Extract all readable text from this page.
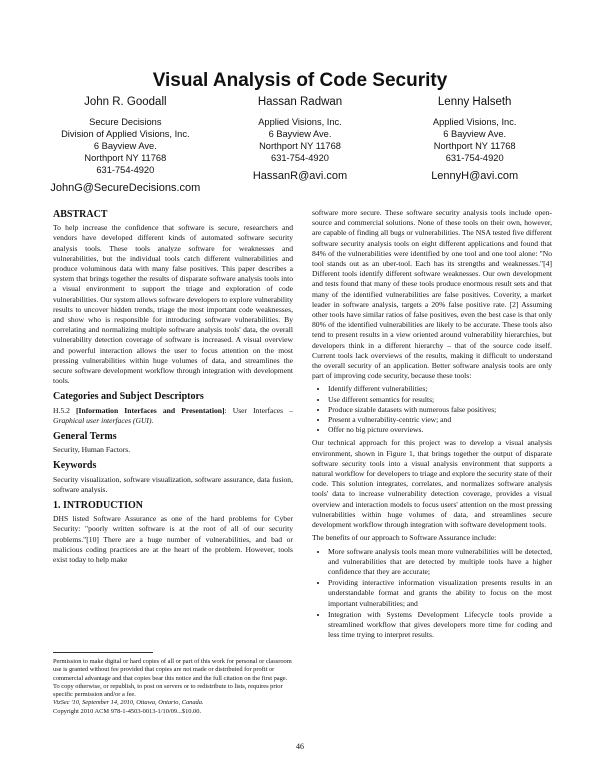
Visual Analysis of Code Security
John R. Goodall
Secure Decisions
Division of Applied Visions, Inc.
6 Bayview Ave.
Northport NY 11768
631-754-4920
JohnG@SecureDecisions.com
Hassan Radwan
Applied Visions, Inc.
6 Bayview Ave.
Northport NY 11768
631-754-4920
HassanR@avi.com
Lenny Halseth
Applied Visions, Inc.
6 Bayview Ave.
Northport NY 11768
631-754-4920
LennyH@avi.com
ABSTRACT

To help increase the confidence that software is secure, researchers and vendors have developed different kinds of automated software security analysis tools. These tools analyze software for weaknesses and vulnerabilities, but the individual tools catch different vulnerabilities and produce voluminous data with many false positives. This paper describes a system that brings together the results of disparate software analysis tools into a visual environment to support the triage and exploration of code vulnerabilities. Our system allows software developers to explore vulnerability results to uncover hidden trends, triage the most important code weaknesses, and show who is responsible for introducing software vulnerabilities. By correlating and normalizing multiple software analysis tools' data, the overall vulnerability detection coverage of software is increased. A visual overview and powerful interaction allows the user to focus attention on the most pressing vulnerabilities within huge volumes of data, and streamlines the secure software development workflow through integration with development tools.

Categories and Subject Descriptors

H.5.2 [Information Interfaces and Presentation]: User Interfaces – Graphical user interfaces (GUI).

General Terms

Security, Human Factors.

Keywords

Security visualization, software visualization, software assurance, data fusion, software analysis.

1. INTRODUCTION

DHS listed Software Assurance as one of the hard problems for Cyber Security: "poorly written software is at the root of all of our security problems."[10] There are a huge number of vulnerabilities, and bad or malicious coding practices are at the heart of the problem. However, tools exist today to help make

Permission to make digital or hard copies of all or part of this work for personal or classroom use is granted without fee provided that copies are not made or distributed for profit or commercial advantage and that copies bear this notice and the full citation on the first page. To copy otherwise, or republish, to post on servers or to redistribute to lists, requires prior specific permission and/or a fee.
VizSec '10, September 14, 2010, Ottawa, Ontario, Canada.
Copyright 2010 ACM 978-1-4503-0013-1/10/09...$10.00.

software more secure. These software security analysis tools include open-source and commercial solutions. None of these tools on their own, however, are capable of finding all bugs or vulnerabilities. The NSA tested five different software security analysis tools on eight different applications and found that 84% of the vulnerabilities were identified by one tool and one tool alone: "No tool stands out as an uber-tool. Each has its strengths and weaknesses."[4] Different tools identify different software weaknesses. Our own development and tests found that many of these tools produce enormous result sets and that many of the identified vulnerabilities are false positives. Coverity, a market leader in software analysis, targets a 20% false positive rate. [2] Assuming other tools have similar ratios of false positives, even the best case is that only 80% of the identified vulnerabilities are likely to be accurate. These tools also tend to present results in a view oriented around vulnerability hierarchies, but developers think in a different hierarchy – that of the source code itself. Current tools lack overviews of the results, making it difficult to understand the overall security of an application. Better software analysis tools are only part of improving code security, because these tools:

• Identify different vulnerabilities;
• Use different semantics for results;
• Produce sizable datasets with numerous false positives;
• Present a vulnerability-centric view; and
• Offer no big picture overviews.

Our technical approach for this project was to develop a visual analysis environment, shown in Figure 1, that brings together the output of disparate software security tools into a visual analysis environment that supports a natural workflow for developers to triage and explore the security state of their code. This solution integrates, correlates, and normalizes software analysis tools' data to increase vulnerability detection coverage, provides a visual overview and interaction models to focus users' attention on the most pressing vulnerabilities within huge volumes of data, and streamlines secure development workflow through integration with software development tools.

The benefits of our approach to Software Assurance include:

• More software analysis tools mean more vulnerabilities will be detected, and vulnerabilities that are detected by multiple tools have a higher confidence that they are accurate;
• Providing interactive information visualization presents results in an understandable format and grants the ability to focus on the most important vulnerabilities; and
• Integration with Systems Development Lifecycle tools provide a streamlined workflow that gives developers more time for coding and less time trying to interpret results.
46
